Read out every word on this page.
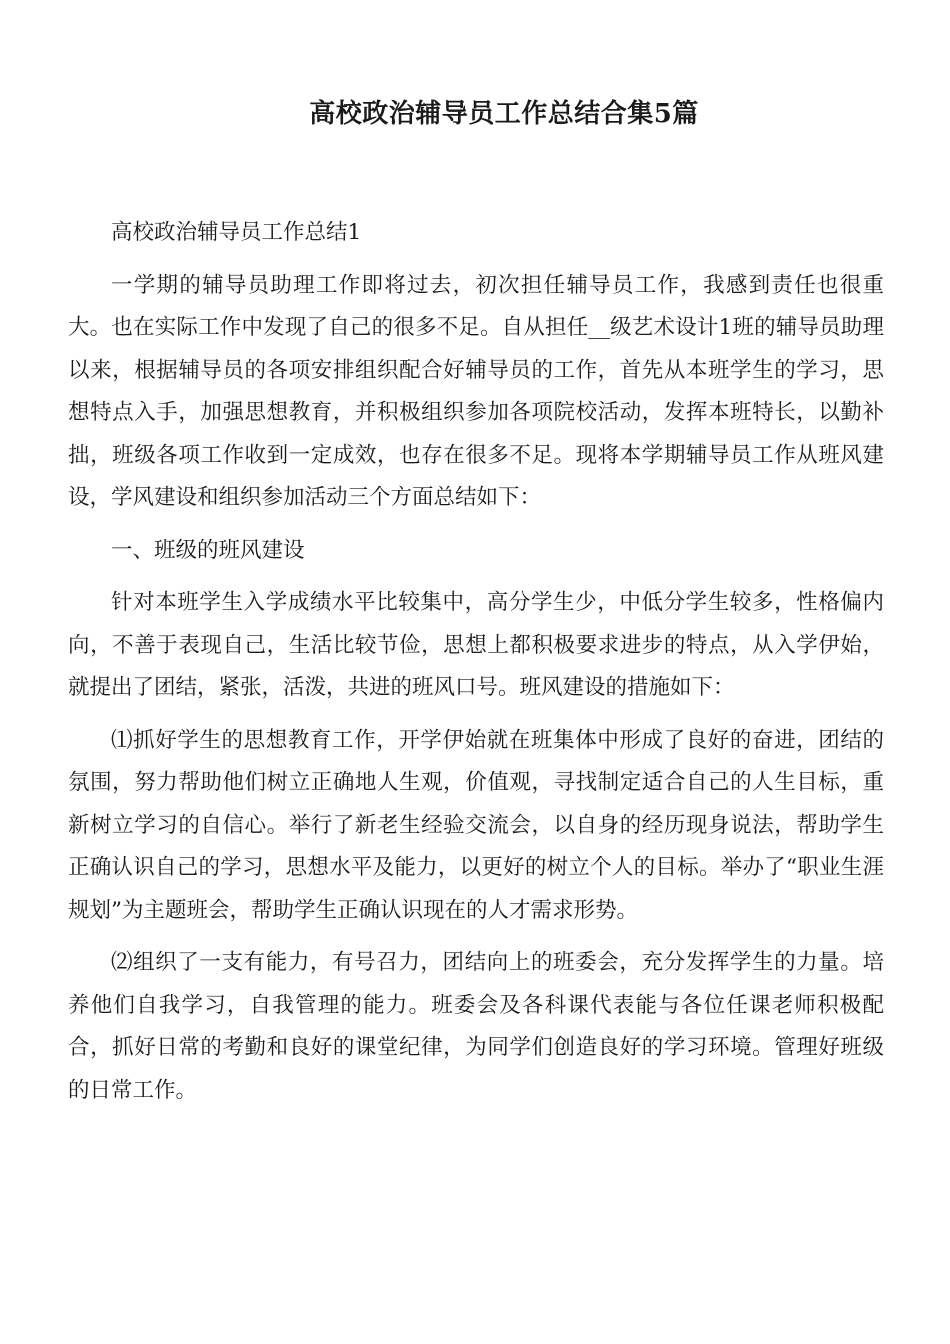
高校政治辅导员工作总结合集5篇

高校政治辅导员工作总结1

一学期的辅导员助理工作即将过去，初次担任辅导员工作，我感到责任也很重大。也在实际工作中发现了自己的很多不足。自从担任__级艺术设计1班的辅导员助理以来，根据辅导员的各项安排组织配合好辅导员的工作，首先从本班学生的学习，思想特点入手，加强思想教育，并积极组织参加各项院校活动，发挥本班特长，以勤补拙，班级各项工作收到一定成效，也存在很多不足。现将本学期辅导员工作从班风建设，学风建设和组织参加活动三个方面总结如下：

一、班级的班风建设

针对本班学生入学成绩水平比较集中，高分学生少，中低分学生较多，性格偏内向，不善于表现自己，生活比较节俭，思想上都积极要求进步的特点，从入学伊始，就提出了团结，紧张，活泼，共进的班风口号。班风建设的措施如下：

⑴抓好学生的思想教育工作，开学伊始就在班集体中形成了良好的奋进，团结的氛围，努力帮助他们树立正确地人生观，价值观，寻找制定适合自己的人生目标，重新树立学习的自信心。举行了新老生经验交流会，以自身的经历现身说法，帮助学生正确认识自己的学习，思想水平及能力，以更好的树立个人的目标。举办了“职业生涯规划”为主题班会，帮助学生正确认识现在的人才需求形势。

⑵组织了一支有能力，有号召力，团结向上的班委会，充分发挥学生的力量。培养他们自我学习，自我管理的能力。班委会及各科课代表能与各位任课老师积极配合，抓好日常的考勤和良好的课堂纪律，为同学们创造良好的学习环境。管理好班级的日常工作。
